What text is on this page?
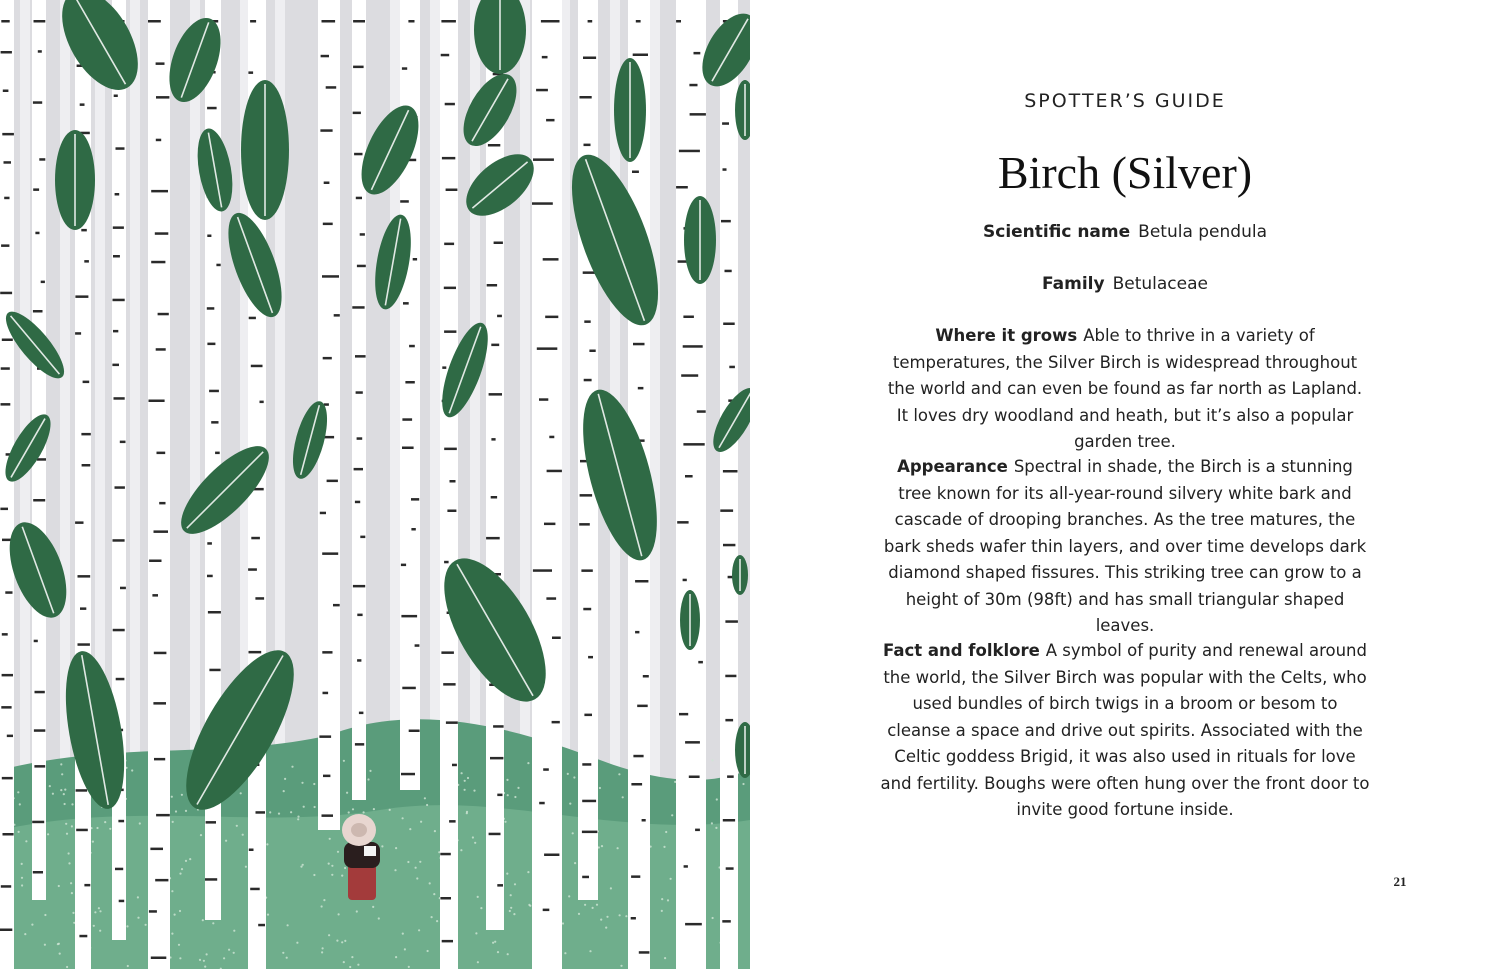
SPOTTER’S GUIDE
Birch (Silver)
Scientific name Betula pendula
Family Betulaceae
Where it grows Able to thrive in a variety of temperatures, the Silver Birch is widespread throughout the world and can even be found as far north as Lapland. It loves dry woodland and heath, but it’s also a popular garden tree.
Appearance Spectral in shade, the Birch is a stunning tree known for its all-year-round silvery white bark and cascade of drooping branches. As the tree matures, the bark sheds wafer thin layers, and over time develops dark diamond shaped fissures. This striking tree can grow to a height of 30m (98ft) and has small triangular shaped leaves.
Fact and folklore A symbol of purity and renewal around the world, the Silver Birch was popular with the Celts, who used bundles of birch twigs in a broom or besom to cleanse a space and drive out spirits. Associated with the Celtic goddess Brigid, it was also used in rituals for love and fertility. Boughs were often hung over the front door to invite good fortune inside.
21
